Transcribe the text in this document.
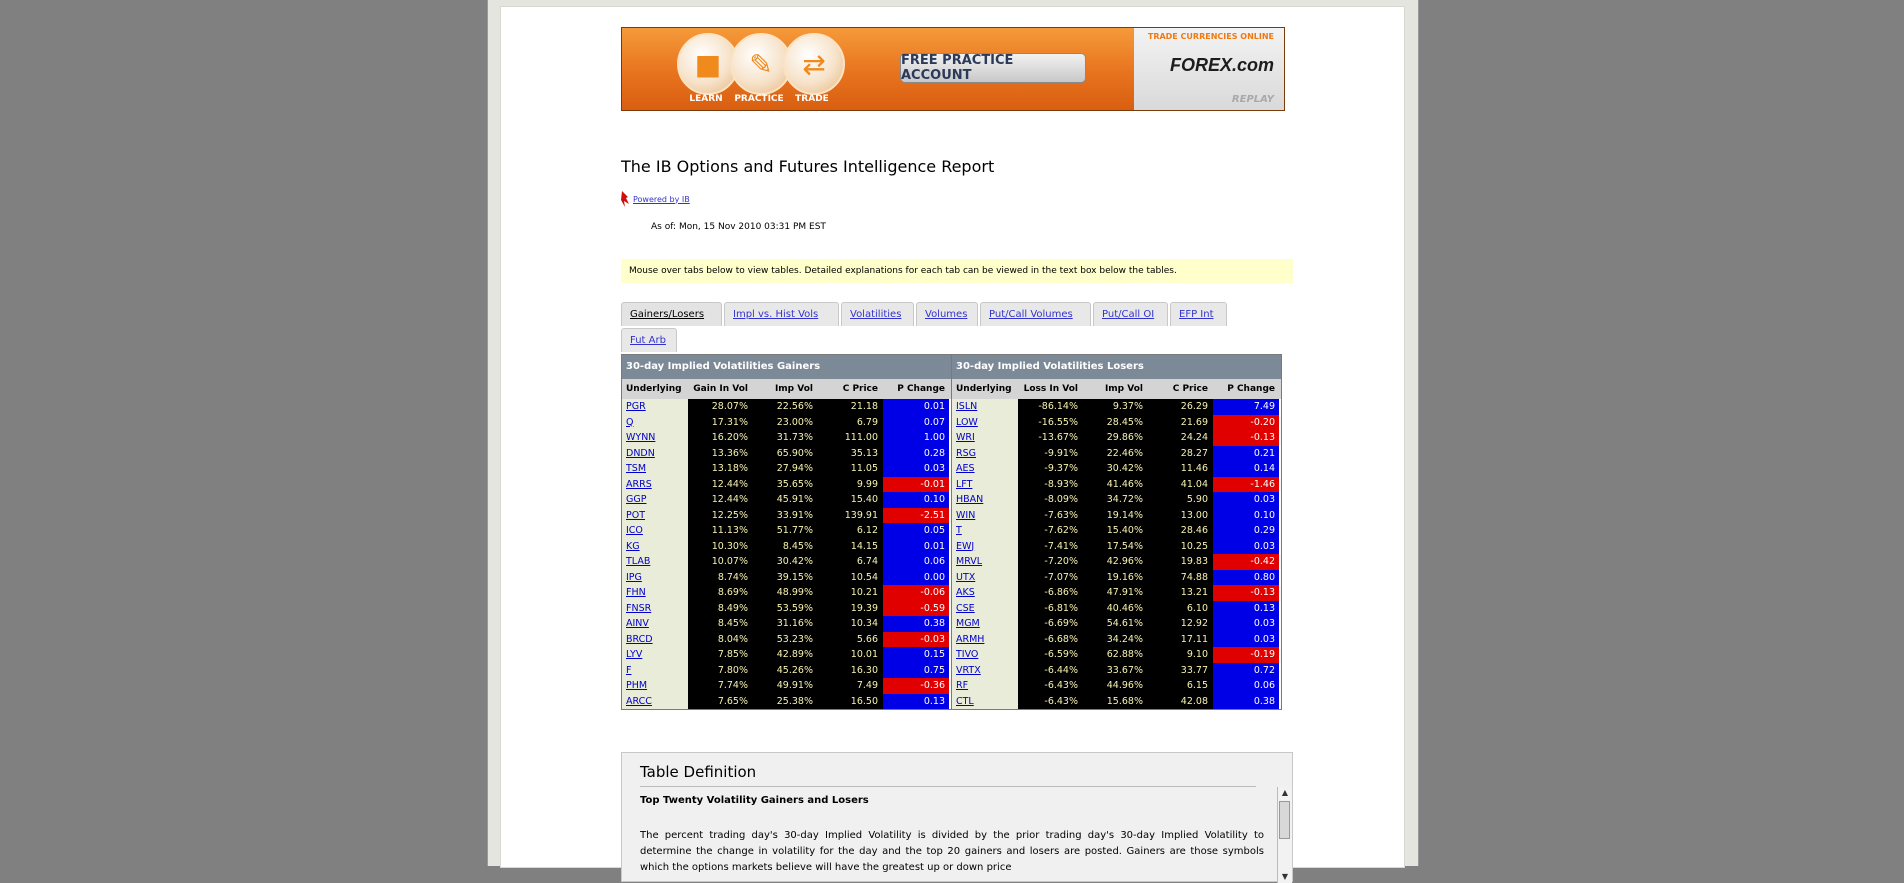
■
LEARN
✎
PRACTICE
⇄
TRADE
FREE PRACTICE ACCOUNT
TRADE CURRENCIES ONLINE
FOREX.com
REPLAY
The IB Options and Futures Intelligence Report
Powered by IB
As of: Mon, 15 Nov 2010 03:31 PM EST
Mouse over tabs below to view tables. Detailed explanations for each tab can be viewed in the text box below the tables.
Gainers/Losers	Impl vs. Hist Vols	Volatilities	Volumes	Put/Call Volumes	Put/Call OI	EFP Int
Fut Arb
30-day Implied Volatilities Gainers
Underlying	Gain In Vol	Imp Vol	C Price	P Change
PGR	28.07%	22.56%	21.18	0.01
Q	17.31%	23.00%	6.79	0.07
WYNN	16.20%	31.73%	111.00	1.00
DNDN	13.36%	65.90%	35.13	0.28
TSM	13.18%	27.94%	11.05	0.03
ARRS	12.44%	35.65%	9.99	-0.01
GGP	12.44%	45.91%	15.40	0.10
POT	12.25%	33.91%	139.91	-2.51
ICO	11.13%	51.77%	6.12	0.05
KG	10.30%	8.45%	14.15	0.01
TLAB	10.07%	30.42%	6.74	0.06
IPG	8.74%	39.15%	10.54	0.00
FHN	8.69%	48.99%	10.21	-0.06
FNSR	8.49%	53.59%	19.39	-0.59
AINV	8.45%	31.16%	10.34	0.38
BRCD	8.04%	53.23%	5.66	-0.03
LYV	7.85%	42.89%	10.01	0.15
F	7.80%	45.26%	16.30	0.75
PHM	7.74%	49.91%	7.49	-0.36
ARCC	7.65%	25.38%	16.50	0.13
30-day Implied Volatilities Losers
Underlying	Loss In Vol	Imp Vol	C Price	P Change
ISLN	-86.14%	9.37%	26.29	7.49
LOW	-16.55%	28.45%	21.69	-0.20
WRI	-13.67%	29.86%	24.24	-0.13
RSG	-9.91%	22.46%	28.27	0.21
AES	-9.37%	30.42%	11.46	0.14
LFT	-8.93%	41.46%	41.04	-1.46
HBAN	-8.09%	34.72%	5.90	0.03
WIN	-7.63%	19.14%	13.00	0.10
T	-7.62%	15.40%	28.46	0.29
EWJ	-7.41%	17.54%	10.25	0.03
MRVL	-7.20%	42.96%	19.83	-0.42
UTX	-7.07%	19.16%	74.88	0.80
AKS	-6.86%	47.91%	13.21	-0.13
CSE	-6.81%	40.46%	6.10	0.13
MGM	-6.69%	54.61%	12.92	0.03
ARMH	-6.68%	34.24%	17.11	0.03
TIVO	-6.59%	62.88%	9.10	-0.19
VRTX	-6.44%	33.67%	33.77	0.72
RF	-6.43%	44.96%	6.15	0.06
CTL	-6.43%	15.68%	42.08	0.38
Table Definition
Top Twenty Volatility Gainers and Losers
The percent trading day's 30-day Implied Volatility is divided by the prior trading day's 30-day Implied Volatility to determine the change in volatility for the day and the top 20 gainers and losers are posted. Gainers are those symbols which the options markets believe will have the greatest up or down price
▲
▼
